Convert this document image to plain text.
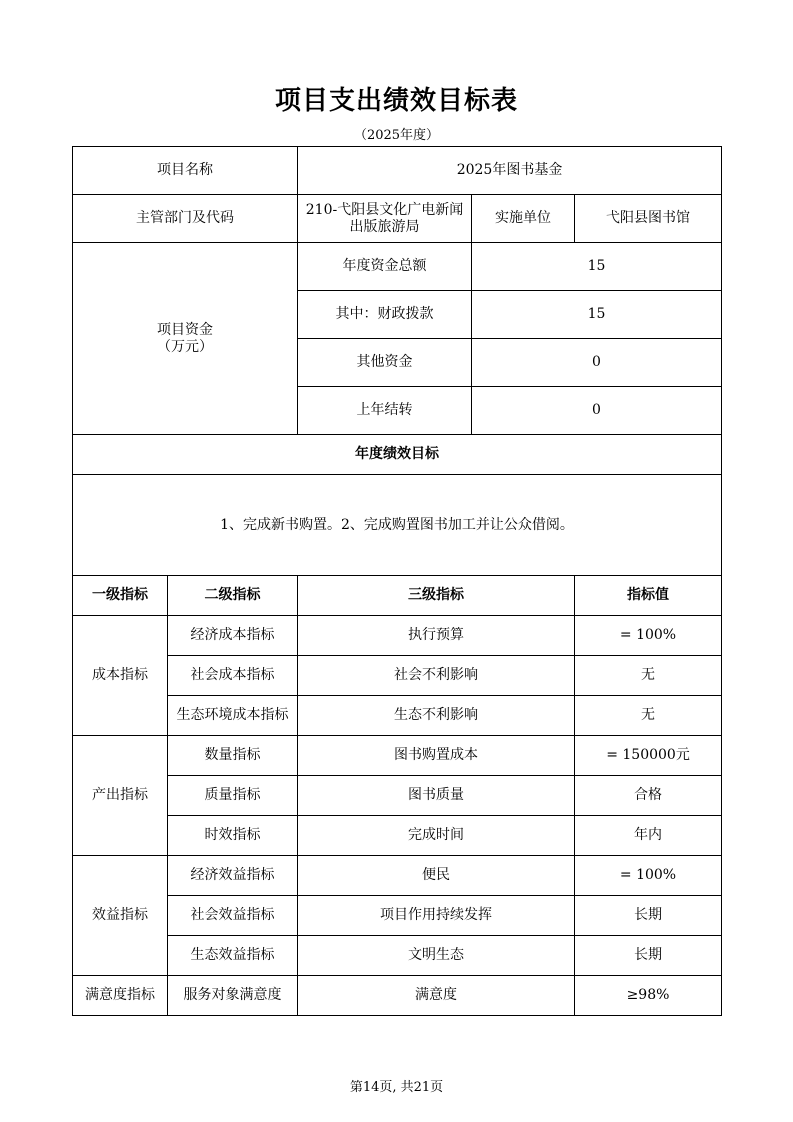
项目支出绩效目标表
（2025年度）
项目名称		2025年图书基金		
主管部门及代码		210-弋阳县文化广电新闻出版旅游局	实施单位	弋阳县图书馆

项目资金
（万元）		年度资金总额	15	
		其中：财政拨款	15	
		其他资金	0	
		上年结转	0	
年度绩效目标				
1、完成新书购置。2、完成购置图书加工并让公众借阅。				
一级指标	二级指标	三级指标		指标值
成本指标	经济成本指标	执行预算		= 100%
	社会成本指标	社会不利影响		无
	生态环境成本指标	生态不利影响		无
产出指标	数量指标	图书购置成本		= 150000元
	质量指标	图书质量		合格
	时效指标	完成时间		年内
效益指标	经济效益指标	便民		= 100%
	社会效益指标	项目作用持续发挥		长期
	生态效益指标	文明生态		长期
满意度指标	服务对象满意度	满意度		≥98%
第14页, 共21页
